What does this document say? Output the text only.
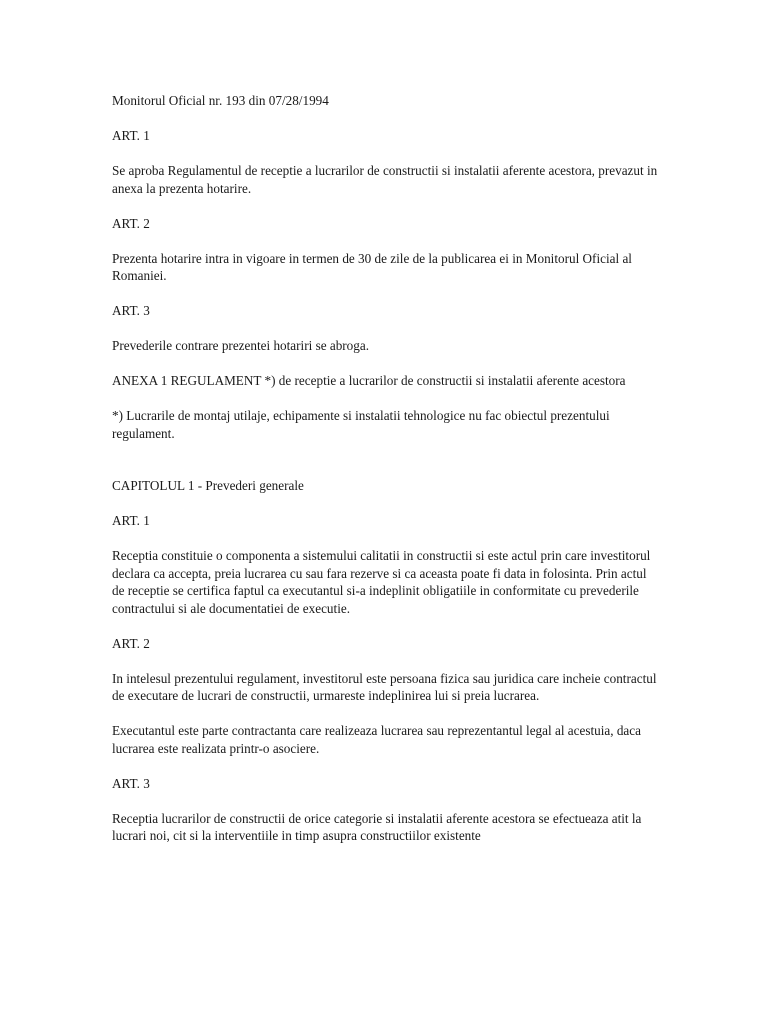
Monitorul Oficial nr. 193 din 07/28/1994

ART. 1

Se aproba Regulamentul de receptie a lucrarilor de constructii si instalatii aferente acestora, prevazut in anexa la prezenta hotarire.

ART. 2

Prezenta hotarire intra in vigoare in termen de 30 de zile de la publicarea ei in Monitorul Oficial al Romaniei.

ART. 3

Prevederile contrare prezentei hotariri se abroga.

ANEXA 1 REGULAMENT *) de receptie a lucrarilor de constructii si instalatii aferente acestora

*) Lucrarile de montaj utilaje, echipamente si instalatii tehnologice nu fac obiectul prezentului regulament.

CAPITOLUL 1 - Prevederi generale

ART. 1

Receptia constituie o componenta a sistemului calitatii in constructii si este actul prin care investitorul declara ca accepta, preia lucrarea cu sau fara rezerve si ca aceasta poate fi data in folosinta. Prin actul de receptie se certifica faptul ca executantul si-a indeplinit obligatiile in conformitate cu prevederile contractului si ale documentatiei de executie.

ART. 2

In intelesul prezentului regulament, investitorul este persoana fizica sau juridica care incheie contractul de executare de lucrari de constructii, urmareste indeplinirea lui si preia lucrarea.

Executantul este parte contractanta care realizeaza lucrarea sau reprezentantul legal al acestuia, daca lucrarea este realizata printr-o asociere.

ART. 3

Receptia lucrarilor de constructii de orice categorie si instalatii aferente acestora se efectueaza atit la lucrari noi, cit si la interventiile in timp asupra constructiilor existente
